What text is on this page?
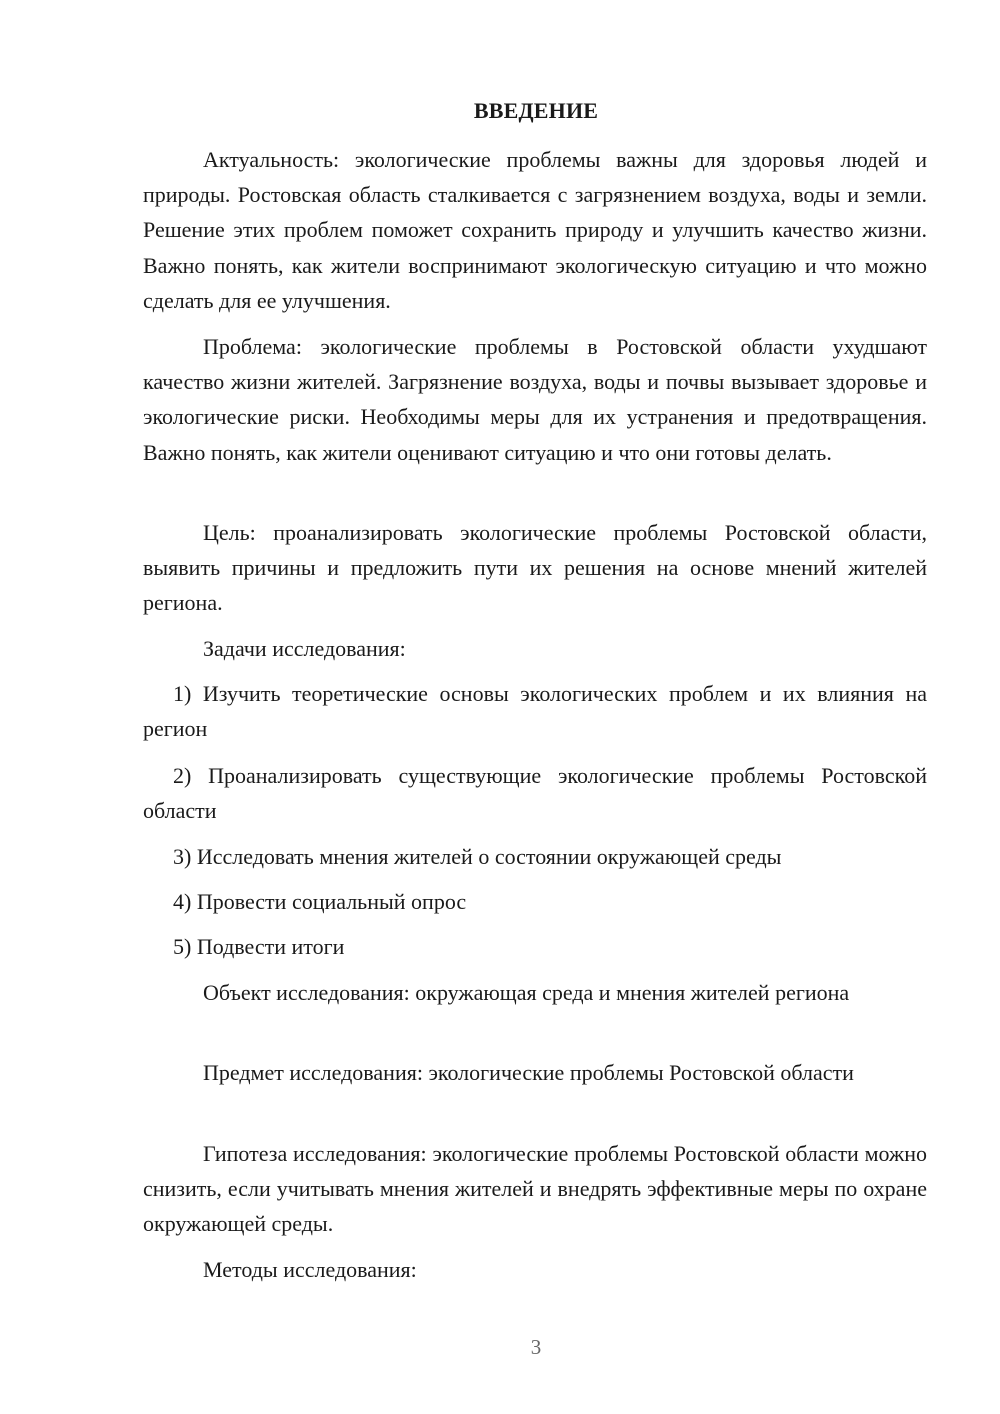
ВВЕДЕНИЕ

Актуальность: экологические проблемы важны для здоровья людей и природы. Ростовская область сталкивается с загрязнением воздуха, воды и земли. Решение этих проблем поможет сохранить природу и улучшить качество жизни. Важно понять, как жители воспринимают экологическую ситуацию и что можно сделать для ее улучшения.

Проблема: экологические проблемы в Ростовской области ухудшают качество жизни жителей. Загрязнение воздуха, воды и почвы вызывает здоровье и экологические риски. Необходимы меры для их устранения и предотвращения. Важно понять, как жители оценивают ситуацию и что они готовы делать.

Цель: проанализировать экологические проблемы Ростовской области, выявить причины и предложить пути их решения на основе мнений жителей региона.

Задачи исследования:

1) Изучить теоретические основы экологических проблем и их влияния на регион

2) Проанализировать существующие экологические проблемы Ростовской области

3) Исследовать мнения жителей о состоянии окружающей среды

4) Провести социальный опрос

5) Подвести итоги

Объект исследования: окружающая среда и мнения жителей региона

Предмет исследования: экологические проблемы Ростовской области

Гипотеза исследования: экологические проблемы Ростовской области можно снизить, если учитывать мнения жителей и внедрять эффективные меры по охране окружающей среды.

Методы исследования:

3
